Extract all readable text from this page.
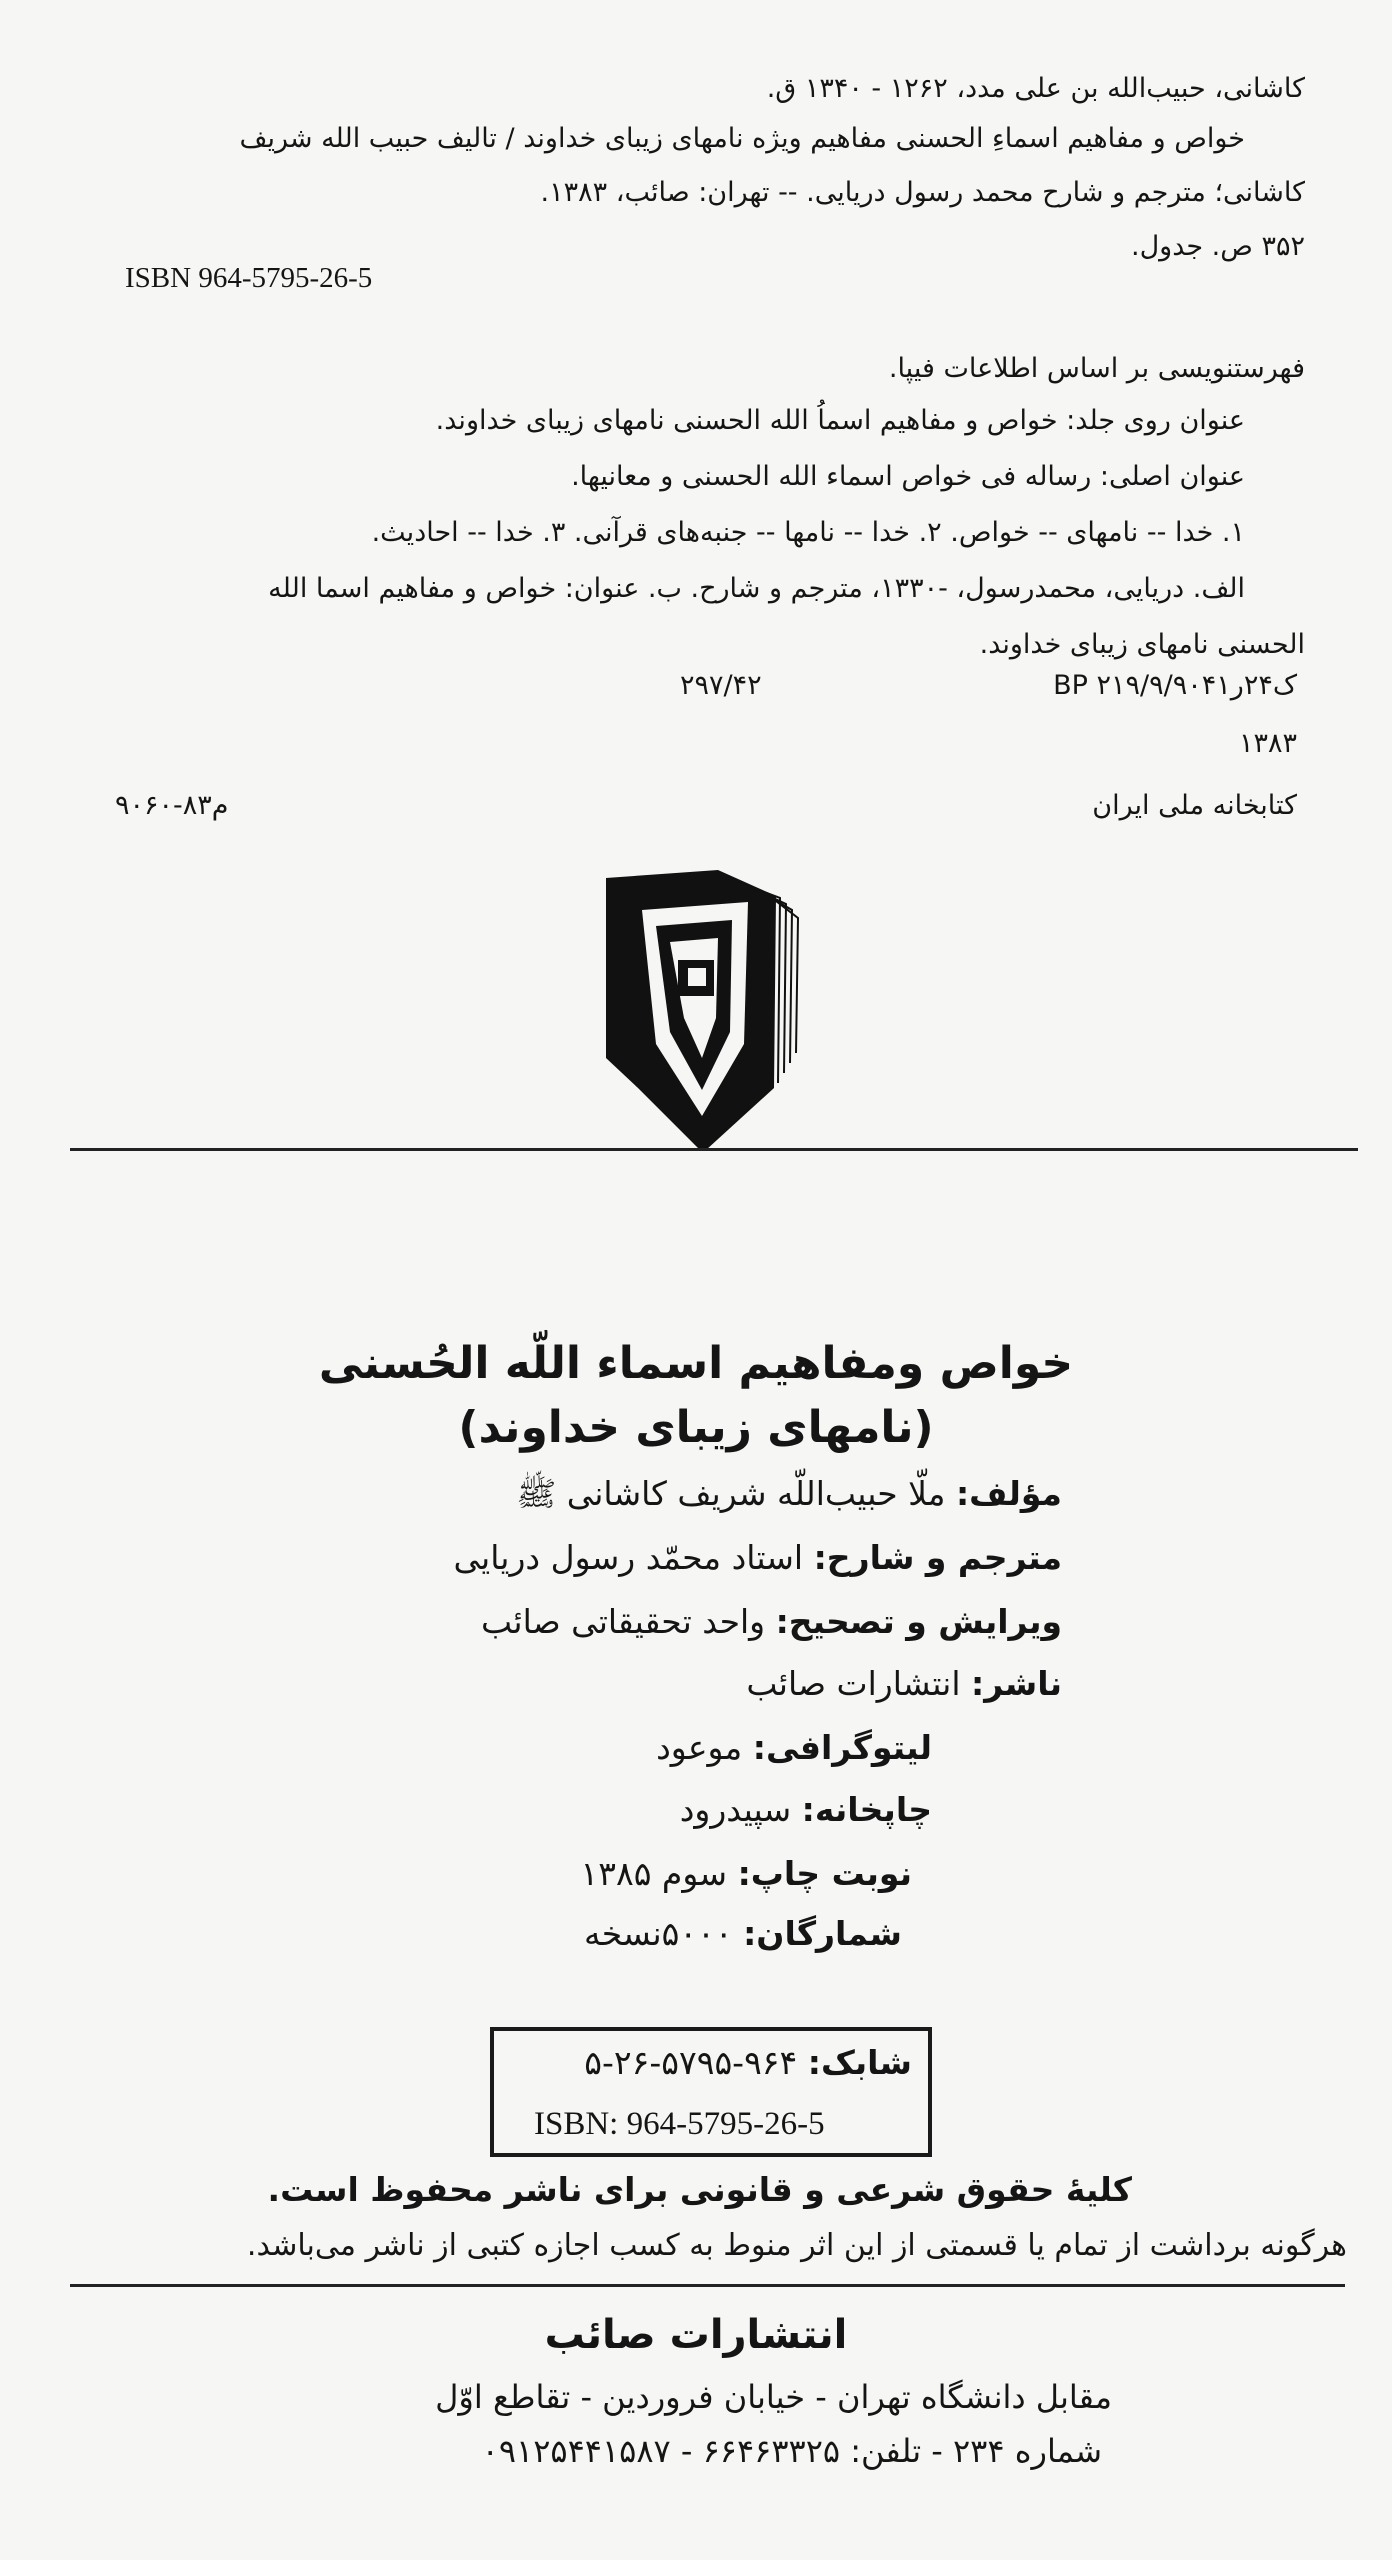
کاشانی، حبیب‌الله بن علی مدد، ۱۲۶۲ - ۱۳۴۰ ق.
خواص و مفاهیم اسماءِ الحسنی مفاهیم ویژه نامهای زیبای خداوند / تالیف حبیب الله شریف
کاشانی؛ مترجم و شارح محمد رسول دریایی. -- تهران: صائب، ۱۳۸۳.
۳۵۲ ص. جدول.
فهرستنویسی بر اساس اطلاعات فیپا.
عنوان روی جلد: خواص و مفاهیم اسماُ الله الحسنی نامهای زیبای خداوند.
عنوان اصلی: رساله فی خواص اسماء الله الحسنی و معانیها.
۱. خدا -- نامهای -- خواص. ۲. خدا -- نامها -- جنبه‌های قرآنی. ۳. خدا -- احادیث.
الف. دریایی، محمدرسول، -۱۳۳۰، مترجم و شارح. ب. عنوان: خواص و مفاهیم اسما الله
الحسنی نامهای زیبای خداوند.
ISBN 964-5795-26-5
BP ۲۱۹/۹/ک۲۴ر۹۰۴۱
۲۹۷/۴۲
۱۳۸۳
کتابخانه ملی ایران
م۸۳-۹۰۶۰
خواص ومفاهیم اسماء اللّه الحُسنی
(نامهای زیبای خداوند)
مؤلف: ملّا حبیب‌اللّه شریف کاشانی ﷺ
مترجم و شارح: استاد محمّد رسول دریایی
ویرایش و تصحیح: واحد تحقیقاتی صائب
ناشر: انتشارات صائب
لیتوگرافی: موعود
چاپخانه: سپیدرود
نوبت چاپ: سوم ۱۳۸۵
شمارگان: ۵۰۰۰نسخه
شابک: ۵-۲۶-۵۷۹۵-۹۶۴
ISBN: 964-5795-26-5
کلیهٔ حقوق شرعی و قانونی برای ناشر محفوظ است.
هرگونه برداشت از تمام یا قسمتی از این اثر منوط به کسب اجازه کتبی از ناشر می‌باشد.
انتشارات صائب
مقابل دانشگاه تهران - خیابان فروردین - تقاطع اوّل
شماره ۲۳۴ - تلفن: ۶۶۴۶۳۳۲۵ - ۰۹۱۲۵۴۴۱۵۸۷
